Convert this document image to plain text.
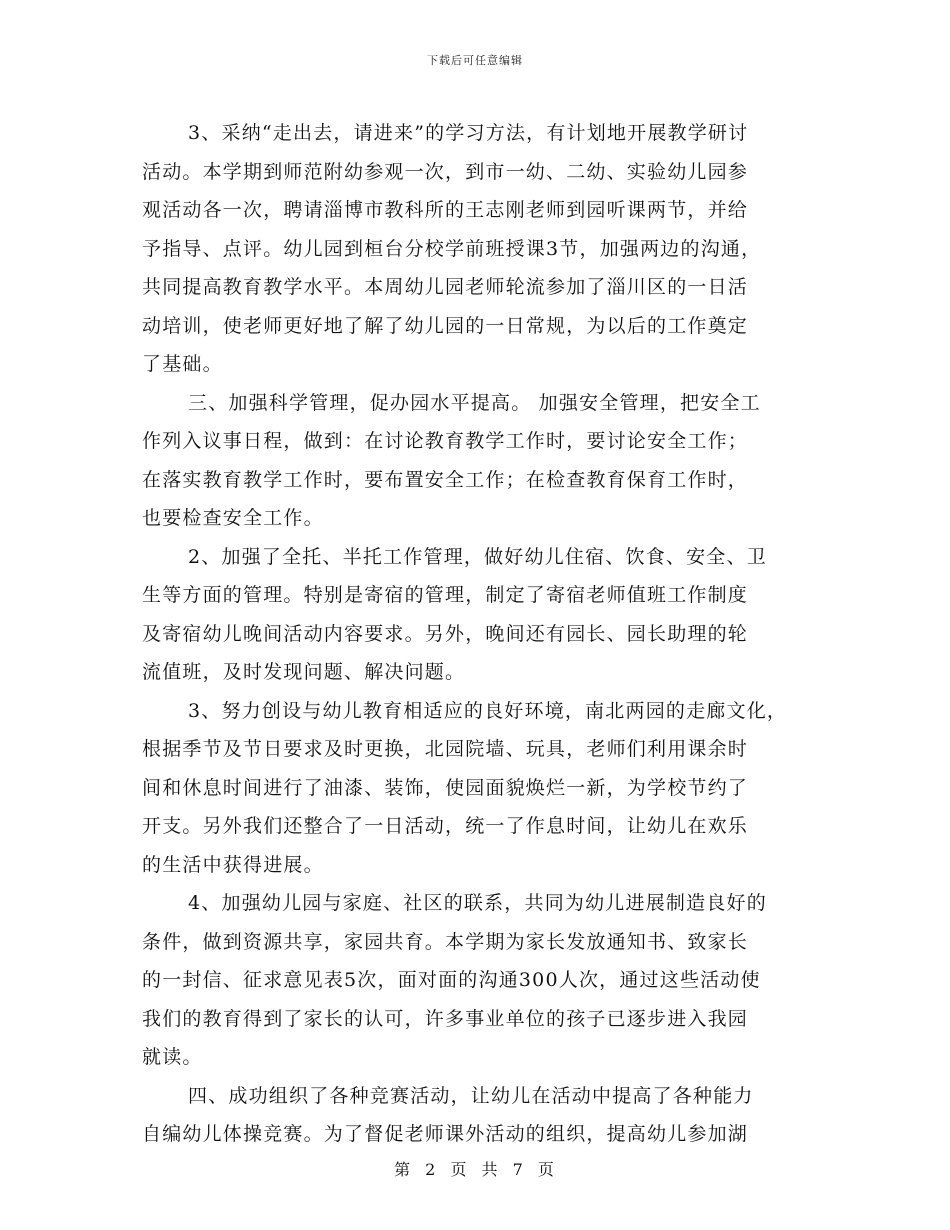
下载后可任意编辑
3、采纳“走出去，请进来”的学习方法，有计划地开展教学研讨
活动。本学期到师范附幼参观一次，到市一幼、二幼、实验幼儿园参
观活动各一次，聘请淄博市教科所的王志刚老师到园听课两节，并给
予指导、点评。幼儿园到桓台分校学前班授课3节，加强两边的沟通，
共同提高教育教学水平。本周幼儿园老师轮流参加了淄川区的一日活
动培训，使老师更好地了解了幼儿园的一日常规，为以后的工作奠定
了基础。
三、加强科学管理，促办园水平提高。 加强安全管理，把安全工
作列入议事日程，做到：在讨论教育教学工作时，要讨论安全工作；
在落实教育教学工作时，要布置安全工作；在检查教育保育工作时，
也要检查安全工作。
2、加强了全托、半托工作管理，做好幼儿住宿、饮食、安全、卫
生等方面的管理。特别是寄宿的管理，制定了寄宿老师值班工作制度
及寄宿幼儿晚间活动内容要求。另外，晚间还有园长、园长助理的轮
流值班，及时发现问题、解决问题。
3、努力创设与幼儿教育相适应的良好环境，南北两园的走廊文化，
根据季节及节日要求及时更换，北园院墙、玩具，老师们利用课余时
间和休息时间进行了油漆、装饰，使园面貌焕烂一新，为学校节约了
开支。另外我们还整合了一日活动，统一了作息时间，让幼儿在欢乐
的生活中获得进展。
4、加强幼儿园与家庭、社区的联系，共同为幼儿进展制造良好的
条件，做到资源共享，家园共育。本学期为家长发放通知书、致家长
的一封信、征求意见表5次，面对面的沟通300人次，通过这些活动使
我们的教育得到了家长的认可，许多事业单位的孩子已逐步进入我园
就读。
四、成功组织了各种竞赛活动，让幼儿在活动中提高了各种能力
自编幼儿体操竞赛。为了督促老师课外活动的组织，提高幼儿参加湖
第 2 页 共 7 页
